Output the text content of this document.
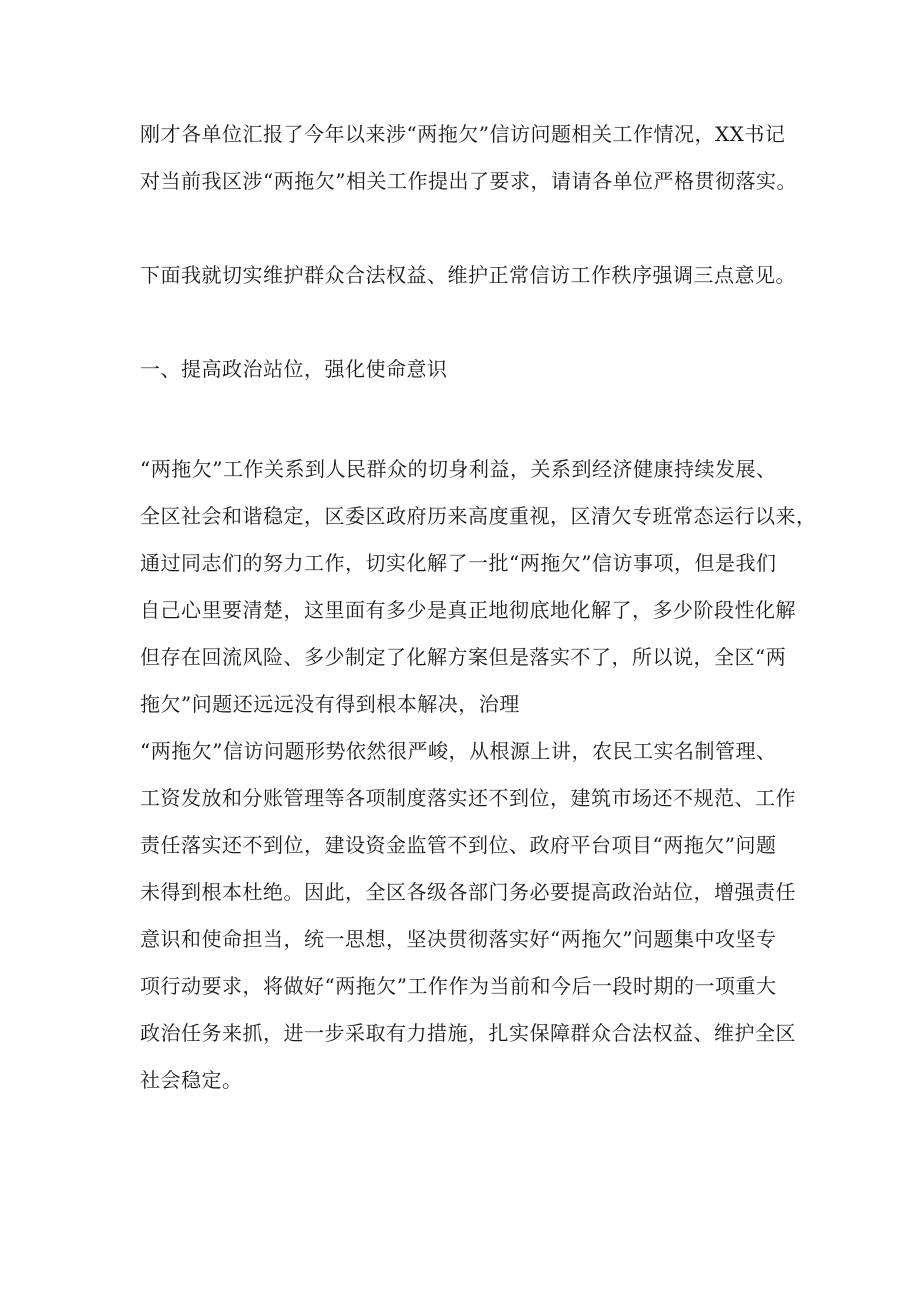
刚才各单位汇报了今年以来涉“两拖欠”信访问题相关工作情况，XX书记
对当前我区涉“两拖欠”相关工作提出了要求，请请各单位严格贯彻落实。
下面我就切实维护群众合法权益、维护正常信访工作秩序强调三点意见。
一、提高政治站位，强化使命意识
“两拖欠”工作关系到人民群众的切身利益，关系到经济健康持续发展、
全区社会和谐稳定，区委区政府历来高度重视，区清欠专班常态运行以来，
通过同志们的努力工作，切实化解了一批“两拖欠”信访事项，但是我们
自己心里要清楚，这里面有多少是真正地彻底地化解了，多少阶段性化解
但存在回流风险、多少制定了化解方案但是落实不了，所以说，全区“两
拖欠”问题还远远没有得到根本解决，治理
“两拖欠”信访问题形势依然很严峻，从根源上讲，农民工实名制管理、
工资发放和分账管理等各项制度落实还不到位，建筑市场还不规范、工作
责任落实还不到位，建设资金监管不到位、政府平台项目“两拖欠”问题
未得到根本杜绝。因此，全区各级各部门务必要提高政治站位，增强责任
意识和使命担当，统一思想，坚决贯彻落实好“两拖欠”问题集中攻坚专
项行动要求，将做好“两拖欠”工作作为当前和今后一段时期的一项重大
政治任务来抓，进一步采取有力措施，扎实保障群众合法权益、维护全区
社会稳定。
